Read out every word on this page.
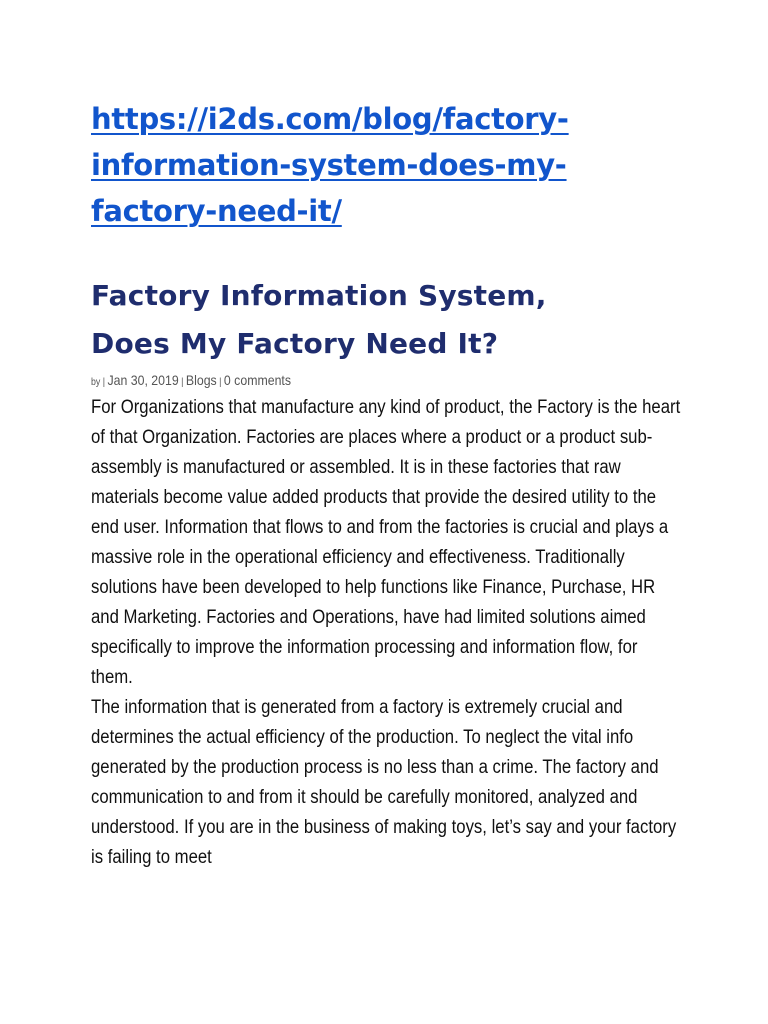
https://i2ds.com/blog/factory-
information-system-does-my-
factory-need-it/
Factory Information System,
Does My Factory Need It?
by | Jan 30, 2019 | Blogs | 0 comments

For Organizations that manufacture any kind of product, the Factory is the heart of that Organization. Factories are places where a product or a product sub-assembly is manufactured or assembled. It is in these factories that raw materials become value added products that provide the desired utility to the end user. Information that flows to and from the factories is crucial and plays a massive role in the operational efficiency and effectiveness. Traditionally solutions have been developed to help functions like Finance, Purchase, HR and Marketing. Factories and Operations, have had limited solutions aimed specifically to improve the information processing and information flow, for them.

The information that is generated from a factory is extremely crucial and determines the actual efficiency of the production. To neglect the vital info generated by the production process is no less than a crime. The factory and communication to and from it should be carefully monitored, analyzed and understood. If you are in the business of making toys, let’s say and your factory is failing to meet
